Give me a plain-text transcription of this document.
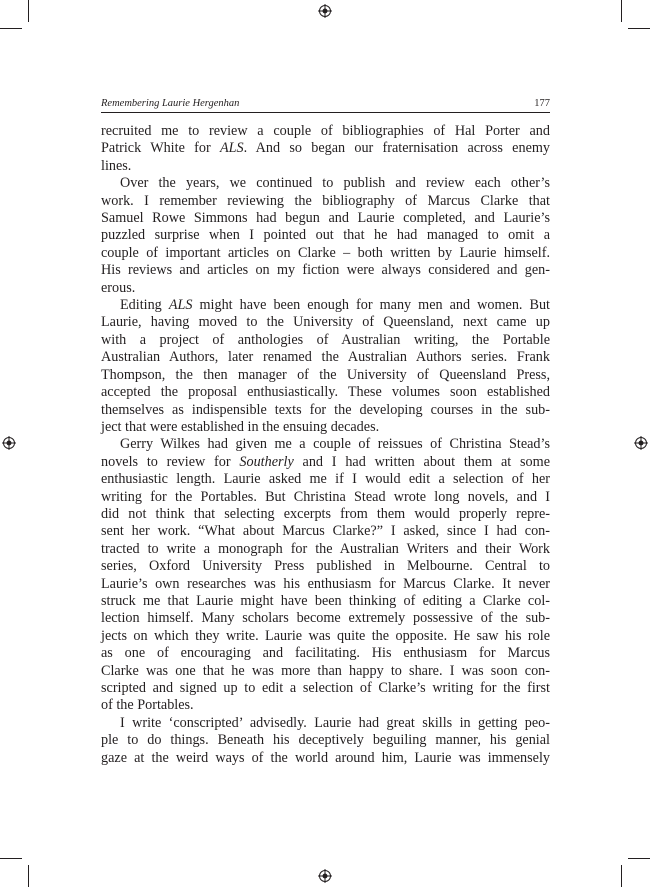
Remembering Laurie Hergenhan	177

recruited me to review a couple of bibliographies of Hal Porter and
Patrick White for ALS. And so began our fraternisation across enemy
lines.

Over the years, we continued to publish and review each other’s
work. I remember reviewing the bibliography of Marcus Clarke that
Samuel Rowe Simmons had begun and Laurie completed, and Laurie’s
puzzled surprise when I pointed out that he had managed to omit a
couple of important articles on Clarke – both written by Laurie himself.
His reviews and articles on my fiction were always considered and gen-
erous.

Editing ALS might have been enough for many men and women. But
Laurie, having moved to the University of Queensland, next came up
with a project of anthologies of Australian writing, the Portable
Australian Authors, later renamed the Australian Authors series. Frank
Thompson, the then manager of the University of Queensland Press,
accepted the proposal enthusiastically. These volumes soon established
themselves as indispensible texts for the developing courses in the sub-
ject that were established in the ensuing decades.

Gerry Wilkes had given me a couple of reissues of Christina Stead’s
novels to review for Southerly and I had written about them at some
enthusiastic length. Laurie asked me if I would edit a selection of her
writing for the Portables. But Christina Stead wrote long novels, and I
did not think that selecting excerpts from them would properly repre-
sent her work. “What about Marcus Clarke?” I asked, since I had con-
tracted to write a monograph for the Australian Writers and their Work
series, Oxford University Press published in Melbourne. Central to
Laurie’s own researches was his enthusiasm for Marcus Clarke. It never
struck me that Laurie might have been thinking of editing a Clarke col-
lection himself. Many scholars become extremely possessive of the sub-
jects on which they write. Laurie was quite the opposite. He saw his role
as one of encouraging and facilitating. His enthusiasm for Marcus
Clarke was one that he was more than happy to share. I was soon con-
scripted and signed up to edit a selection of Clarke’s writing for the first
of the Portables.

I write ‘conscripted’ advisedly. Laurie had great skills in getting peo-
ple to do things. Beneath his deceptively beguiling manner, his genial
gaze at the weird ways of the world around him, Laurie was immensely
